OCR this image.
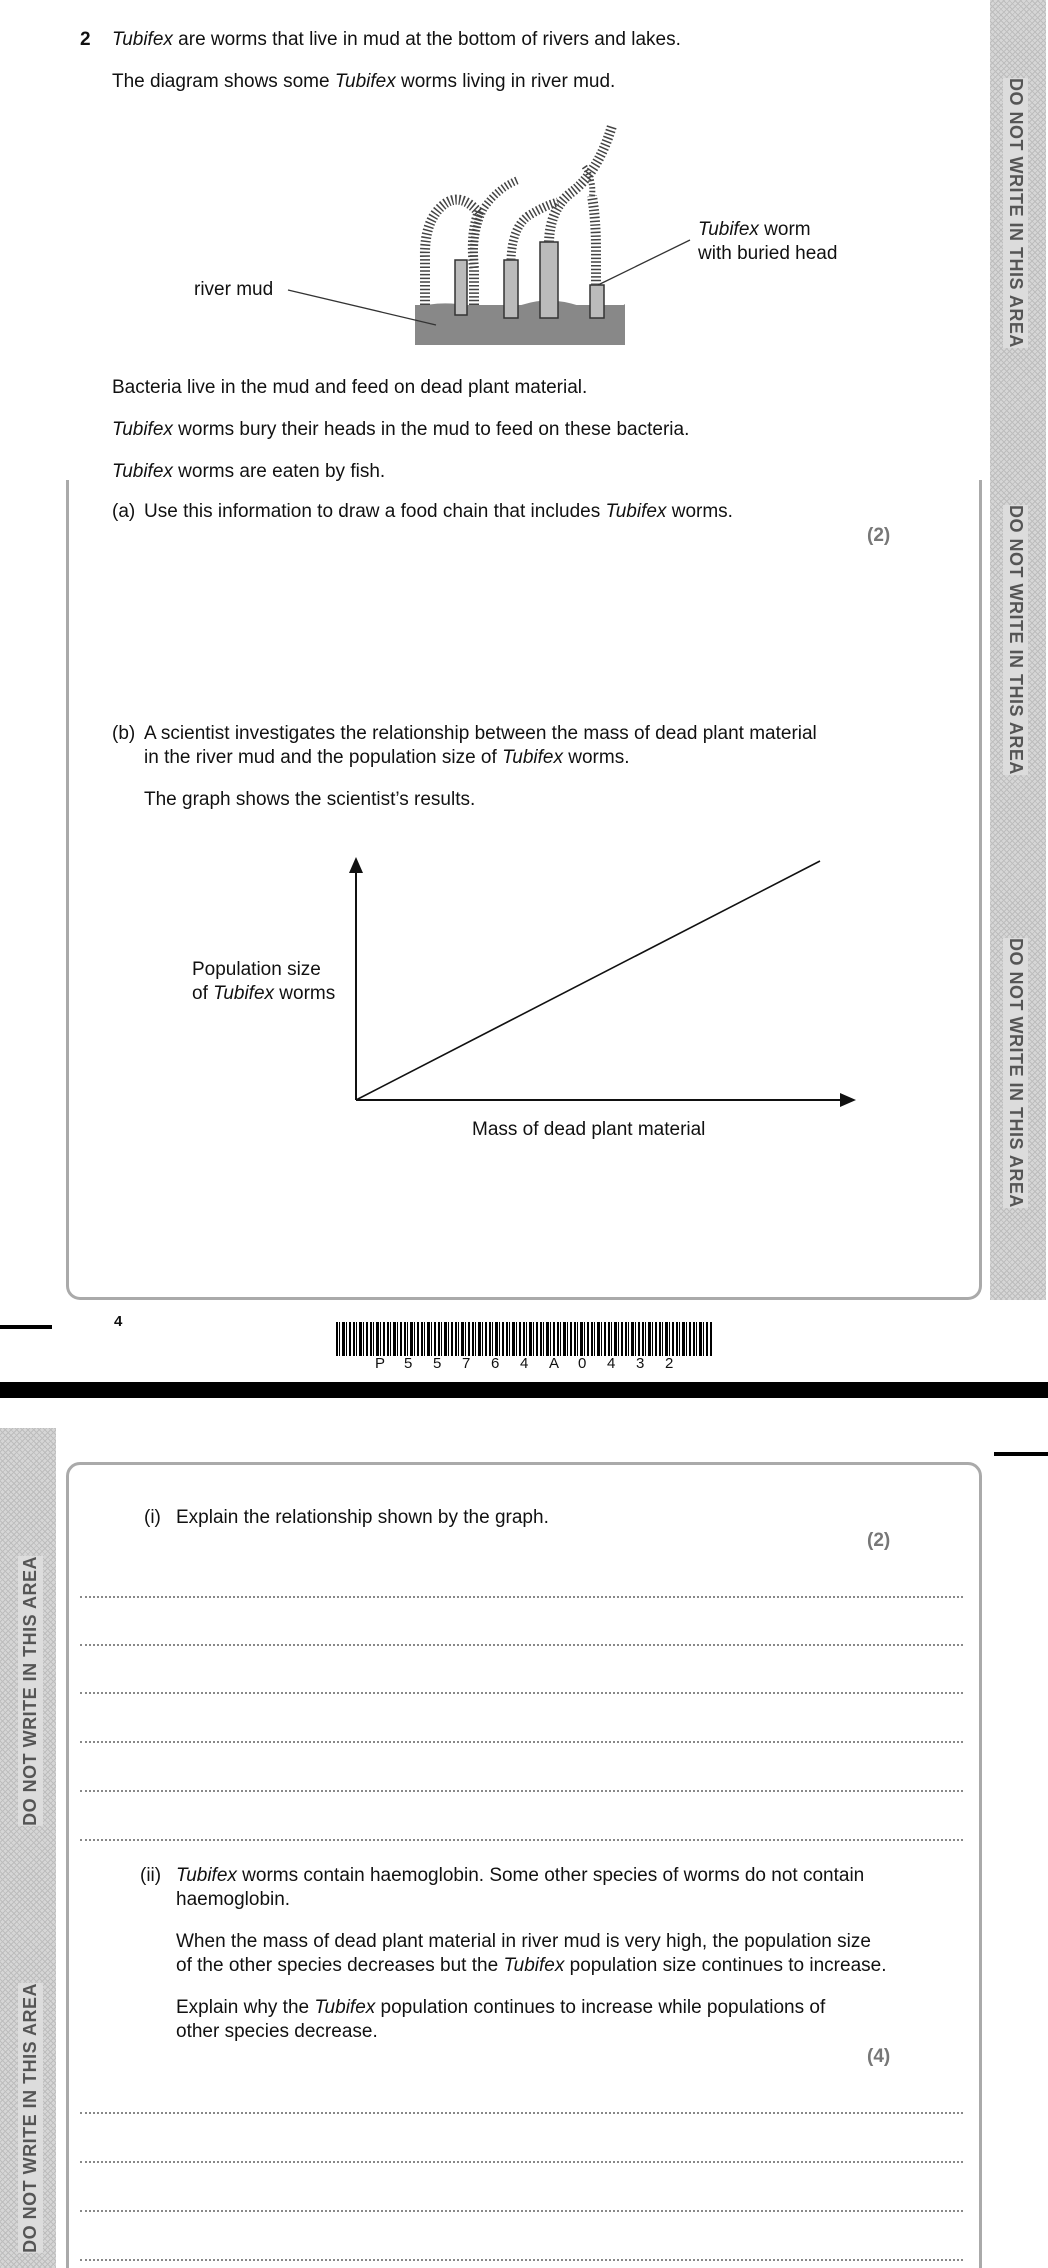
DO NOT WRITE IN THIS AREA
DO NOT WRITE IN THIS AREA
DO NOT WRITE IN THIS AREA
2 Tubifex are worms that live in mud at the bottom of rivers and lakes.
The diagram shows some Tubifex worms living in river mud.
river mud
Tubifex worm
with buried head
Bacteria live in the mud and feed on dead plant material.
Tubifex worms bury their heads in the mud to feed on these bacteria.
Tubifex worms are eaten by fish.
(a) Use this information to draw a food chain that includes Tubifex worms.
(2)
(b) A scientist investigates the relationship between the mass of dead plant material
in the river mud and the population size of Tubifex worms.
The graph shows the scientist’s results.
Population size
of Tubifex worms
Mass of dead plant material
4
P 5 5 7 6 4 A 0 4 3 2
DO NOT WRITE IN THIS AREA
DO NOT WRITE IN THIS AREA
(i) Explain the relationship shown by the graph.
(2)
(ii) Tubifex worms contain haemoglobin. Some other species of worms do not contain
haemoglobin.
When the mass of dead plant material in river mud is very high, the population size
of the other species decreases but the Tubifex population size continues to increase.
Explain why the Tubifex population continues to increase while populations of
other species decrease.
(4)
